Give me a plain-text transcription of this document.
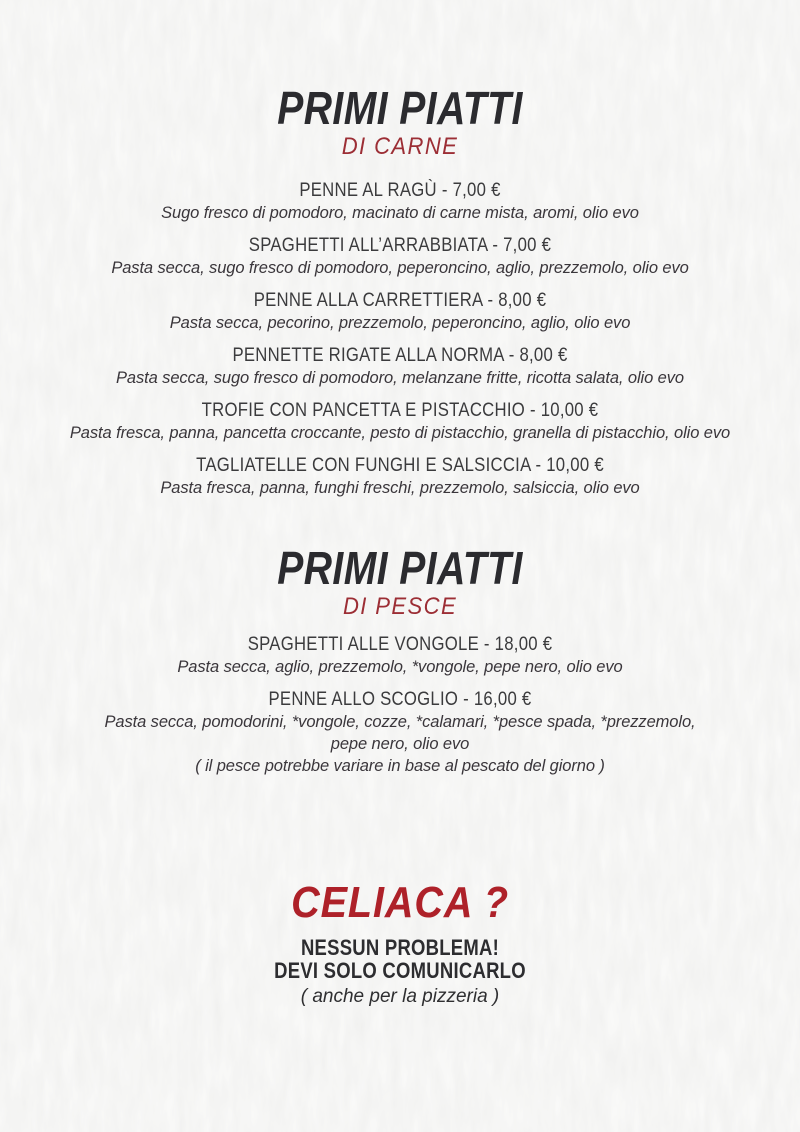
PRIMI PIATTI
DI CARNE
PENNE AL RAGÙ - 7,00 €
Sugo fresco di pomodoro, macinato di carne mista, aromi, olio evo
SPAGHETTI ALL’ARRABBIATA - 7,00 €
Pasta secca, sugo fresco di pomodoro, peperoncino, aglio, prezzemolo, olio evo
PENNE ALLA CARRETTIERA - 8,00 €
Pasta secca, pecorino, prezzemolo, peperoncino, aglio, olio evo
PENNETTE RIGATE ALLA NORMA - 8,00 €
Pasta secca, sugo fresco di pomodoro, melanzane fritte, ricotta salata, olio evo
TROFIE CON PANCETTA E PISTACCHIO - 10,00 €
Pasta fresca, panna, pancetta croccante, pesto di pistacchio, granella di pistacchio, olio evo
TAGLIATELLE CON FUNGHI E SALSICCIA - 10,00 €
Pasta fresca, panna, funghi freschi, prezzemolo, salsiccia, olio evo
PRIMI PIATTI
DI PESCE
SPAGHETTI ALLE VONGOLE - 18,00 €
Pasta secca, aglio, prezzemolo, *vongole, pepe nero, olio evo
PENNE ALLO SCOGLIO - 16,00 €
Pasta secca, pomodorini, *vongole, cozze, *calamari, *pesce spada, *prezzemolo,
pepe nero, olio evo
( il pesce potrebbe variare in base al pescato del giorno )
CELIACA ?
NESSUN PROBLEMA!
DEVI SOLO COMUNICARLO
( anche per la pizzeria )
